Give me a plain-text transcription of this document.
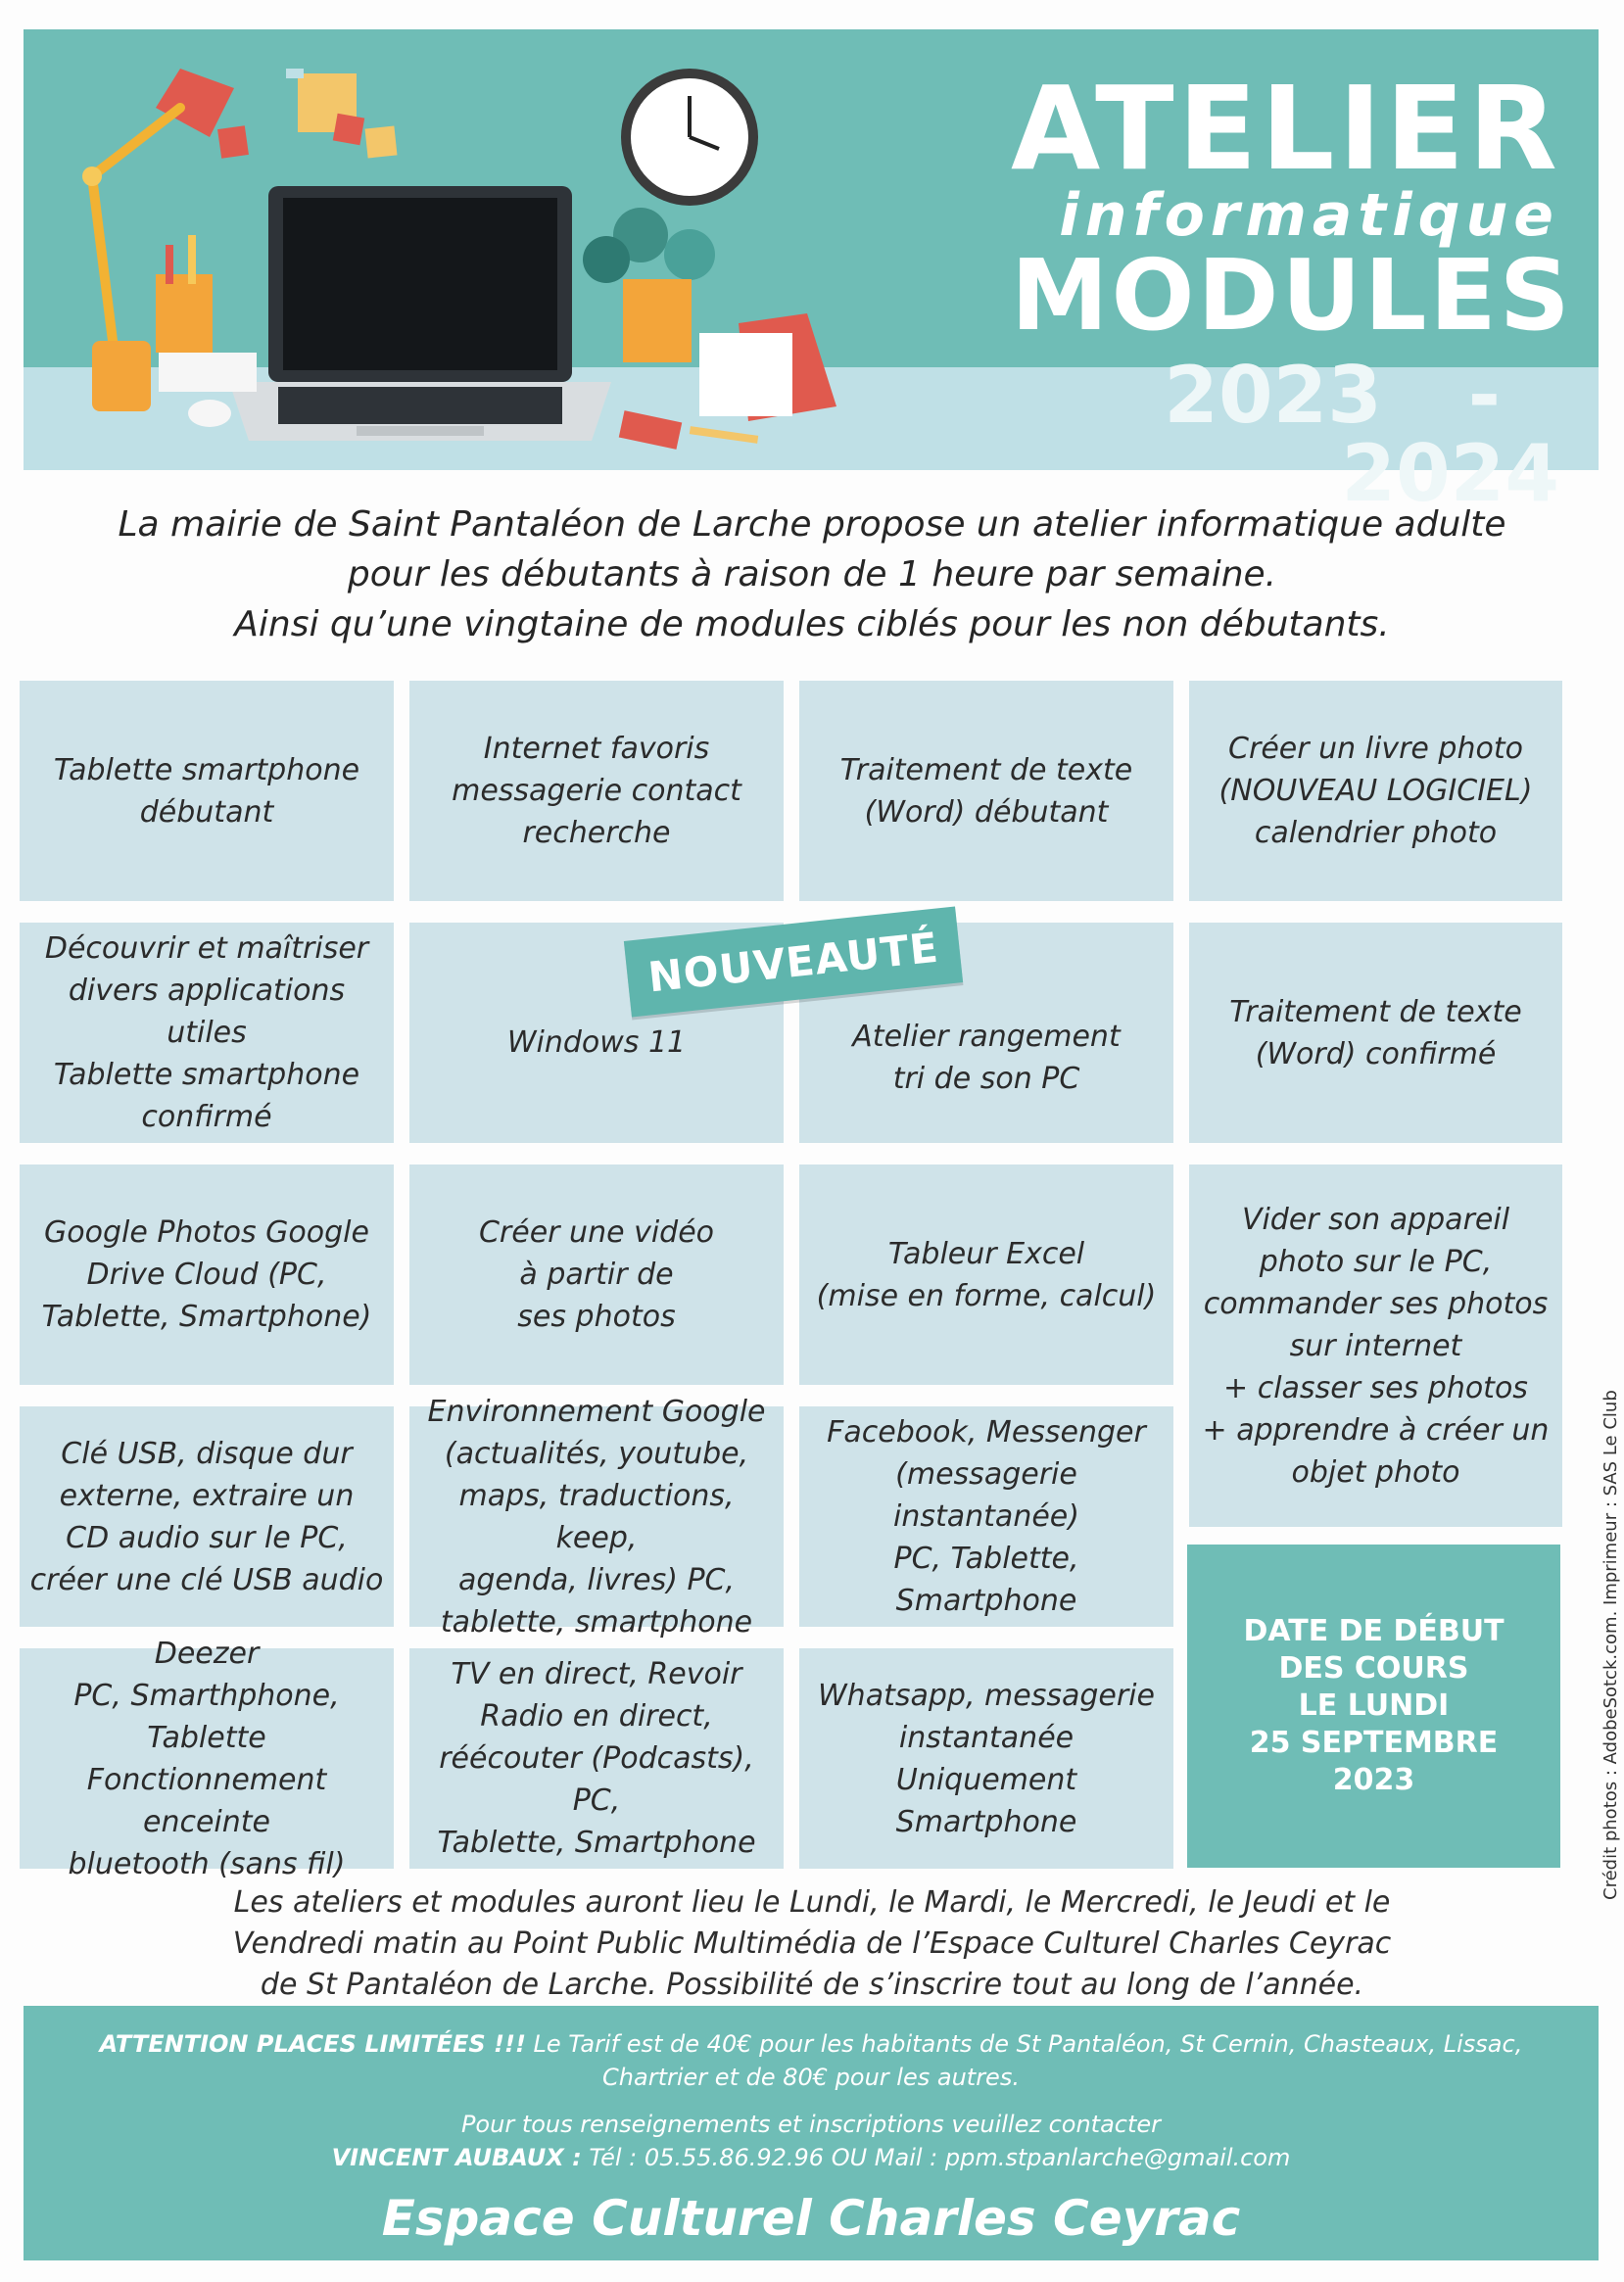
ATELIER
informatique
MODULES
2023 - 2024
La mairie de Saint Pantaléon de Larche propose un atelier informatique adulte
pour les débutants à raison de 1 heure par semaine.
Ainsi qu’une vingtaine de modules ciblés pour les non débutants.
Tablette smartphone
débutant
Internet favoris
messagerie contact
recherche
Traitement de texte
(Word) débutant
Créer un livre photo
(NOUVEAU LOGICIEL)
calendrier photo
Découvrir et maîtriser
divers applications utiles
Tablette smartphone
confirmé
Windows 11	Atelier rangement
tri de son PC
Traitement de texte
(Word) confirmé
Google Photos Google
Drive Cloud (PC,
Tablette, Smartphone)
Créer une vidéo
à partir de
ses photos
Tableur Excel
(mise en forme, calcul)
Vider son appareil
photo sur le PC,
commander ses photos
sur internet
+ classer ses photos
+ apprendre à créer un
objet photo
Clé USB, disque dur
externe, extraire un
CD audio sur le PC,
créer une clé USB audio
Environnement Google
(actualités, youtube,
maps, traductions, keep,
agenda, livres) PC,
tablette, smartphone
Facebook, Messenger
(messagerie instantanée)
PC, Tablette, Smartphone
Deezer
PC, Smarthphone,
Tablette
Fonctionnement enceinte
bluetooth (sans fil)
TV en direct, Revoir
Radio en direct,
réécouter (Podcasts), PC,
Tablette, Smartphone
Whatsapp, messagerie
instantanée Uniquement
Smartphone
DATE DE DÉBUT
DES COURS
LE LUNDI
25 SEPTEMBRE
2023
NOUVEAUTÉ
Crédit photos : AdobeSotck.com. Imprimeur : SAS Le Club
Les ateliers et modules auront lieu le Lundi, le Mardi, le Mercredi, le Jeudi et le
Vendredi matin au Point Public Multimédia de l’Espace Culturel Charles Ceyrac
de St Pantaléon de Larche. Possibilité de s’inscrire tout au long de l’année.
ATTENTION PLACES LIMITÉES !!! Le Tarif est de 40€ pour les habitants de St Pantaléon, St Cernin, Chasteaux, Lissac,
Chartrier et de 80€ pour les autres.
Pour tous renseignements et inscriptions veuillez contacter
VINCENT AUBAUX : Tél : 05.55.86.92.96 OU Mail : ppm.stpanlarche@gmail.com
Espace Culturel Charles Ceyrac
